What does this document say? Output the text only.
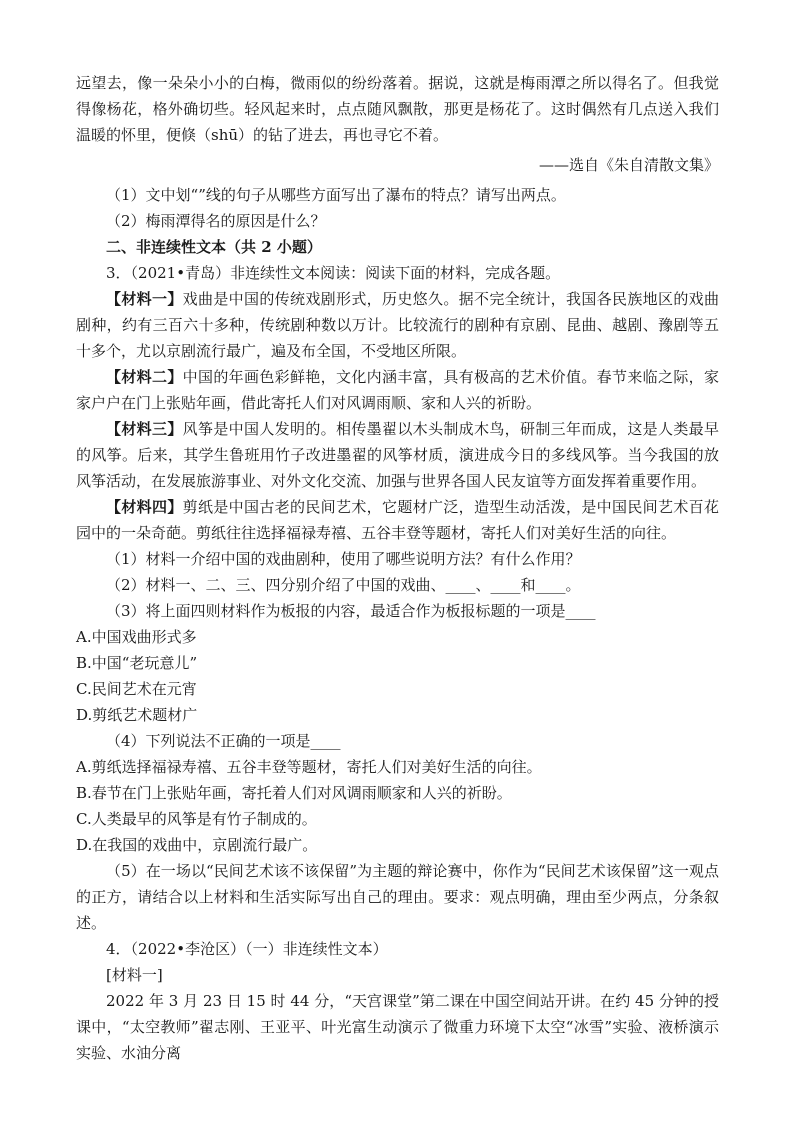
远望去，像一朵朵小小的白梅，微雨似的纷纷落着。据说，这就是梅雨潭之所以得名了。但我觉得像杨花，格外确切些。轻风起来时，点点随风飘散，那更是杨花了。这时偶然有几点送入我们温暖的怀里，便倏（shū）的钻了进去，再也寻它不着。

——选自《朱自清散文集》

（1）文中划“”线的句子从哪些方面写出了瀑布的特点？请写出两点。

（2）梅雨潭得名的原因是什么？

二、非连续性文本（共 2 小题）

3．（2021•青岛）非连续性文本阅读：阅读下面的材料，完成各题。

【材料一】戏曲是中国的传统戏剧形式，历史悠久。据不完全统计，我国各民族地区的戏曲剧种，约有三百六十多种，传统剧种数以万计。比较流行的剧种有京剧、昆曲、越剧、豫剧等五十多个，尤以京剧流行最广，遍及布全国，不受地区所限。

【材料二】中国的年画色彩鲜艳，文化内涵丰富，具有极高的艺术价值。春节来临之际，家家户户在门上张贴年画，借此寄托人们对风调雨顺、家和人兴的祈盼。

【材料三】风筝是中国人发明的。相传墨翟以木头制成木鸟，研制三年而成，这是人类最早的风筝。后来，其学生鲁班用竹子改进墨翟的风筝材质，演进成今日的多线风筝。当今我国的放风筝活动，在发展旅游事业、对外文化交流、加强与世界各国人民友谊等方面发挥着重要作用。

【材料四】剪纸是中国古老的民间艺术，它题材广泛，造型生动活泼，是中国民间艺术百花园中的一朵奇葩。剪纸往往选择福禄寿禧、五谷丰登等题材，寄托人们对美好生活的向往。

（1）材料一介绍中国的戏曲剧种，使用了哪些说明方法？有什么作用？

（2）材料一、二、三、四分别介绍了中国的戏曲、____、____和____。

（3）将上面四则材料作为板报的内容，最适合作为板报标题的一项是____

A.中国戏曲形式多

B.中国“老玩意儿”

C.民间艺术在元宵

D.剪纸艺术题材广

（4）下列说法不正确的一项是____

A.剪纸选择福禄寿禧、五谷丰登等题材，寄托人们对美好生活的向往。

B.春节在门上张贴年画，寄托着人们对风调雨顺家和人兴的祈盼。

C.人类最早的风筝是有竹子制成的。

D.在我国的戏曲中，京剧流行最广。

（5）在一场以“民间艺术该不该保留”为主题的辩论赛中，你作为“民间艺术该保留”这一观点的正方，请结合以上材料和生活实际写出自己的理由。要求：观点明确，理由至少两点，分条叙述。

4．（2022•李沧区）（一）非连续性文本）

[材料一]

2022 年 3 月 23 日 15 时 44 分，“天宫课堂”第二课在中国空间站开讲。在约 45 分钟的授课中，“太空教师”翟志刚、王亚平、叶光富生动演示了微重力环境下太空“冰雪”实验、液桥演示实验、水油分离
